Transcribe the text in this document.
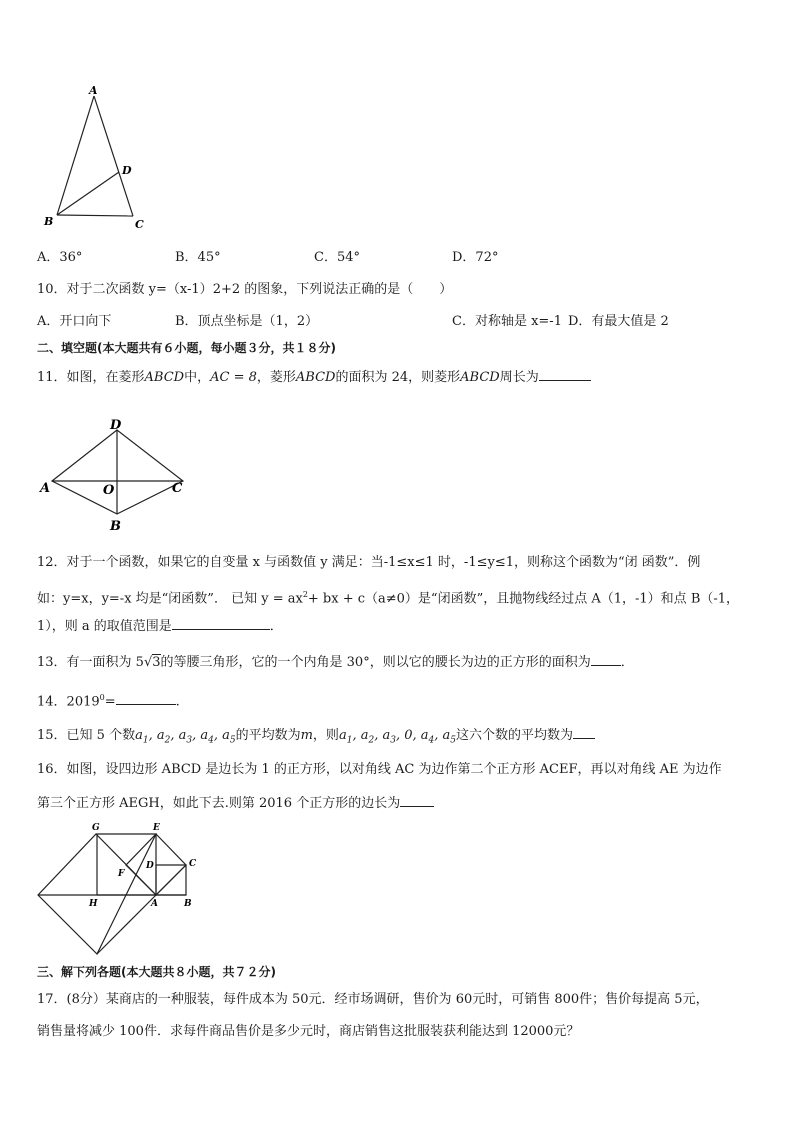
A
B	C
D
A．36°	B．45°	C．54°	D．72°
10．对于二次函数 y=（x-1）2+2 的图象，下列说法正确的是（　　）
A．开口向下	B．顶点坐标是（1，2）	C．对称轴是 x=-1 D．有最大值是 2
二、填空题(本大题共有６小题，每小题３分，共１８分)
11．如图，在菱形ABCD中，AC = 8，菱形ABCD的面积为 24，则菱形ABCD周长为
D
A	O	C
B
12．对于一个函数，如果它的自变量 x 与函数值 y 满足：当-1≤x≤1 时，-1≤y≤1，则称这个函数为“闭 函数”．例
如：y=x，y=-x 均是“闭函数”． 已知 $y = ax^2+$ bx + c（a≠0）是“闭函数”，且抛物线经过点 A（1，-1）和点 B（-1，
1），则 a 的取值范围是	．
13．有一面积为 5√3的等腰三角形，它的一个内角是 30°，则以它的腰长为边的正方形的面积为 ．
14．$2019^0=$	.
15．已知 5 个数$a_1$, $a_2$, $a_3$, $a_4$, $a_5$的平均数为m，则$a_1$, $a_2$, $a_3$, 0, $a_4$, $a_5$这六个数的平均数为
16．如图，设四边形 ABCD 是边长为 1 的正方形，以对角线 AC 为边作第二个正方形 ACEF，再以对角线 AE 为边作
第三个正方形 AEGH，如此下去.则第 2016 个正方形的边长为
G	E
D	C
F
H	A	B
三、解下列各题(本大题共８小题，共７２分)
17．(8分）某商店的一种服装，每件成本为 50元．经市场调研，售价为 60元时，可销售 800件；售价每提高 5元，
销售量将减少 100件．求每件商品售价是多少元时，商店销售这批服装获利能达到 12000元？
